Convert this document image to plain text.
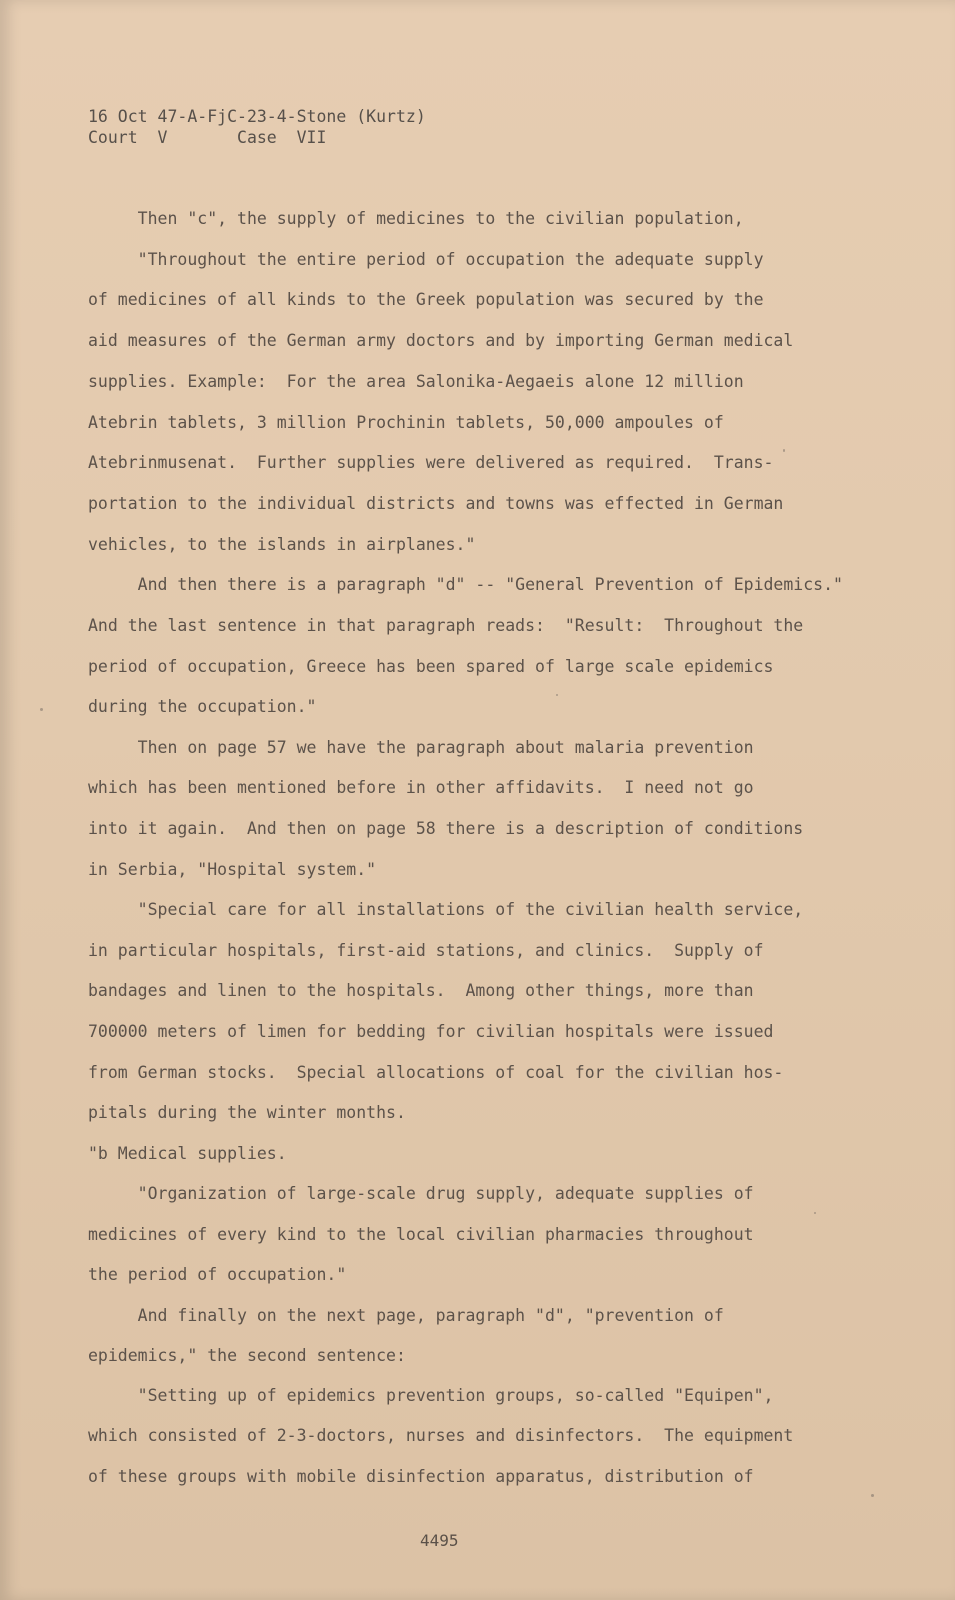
16 Oct 47-A-FjC-23-4-Stone (Kurtz)
Court  V       Case  VII
Then "c", the supply of medicines to the civilian population,
"Throughout the entire period of occupation the adequate supply
of medicines of all kinds to the Greek population was secured by the
aid measures of the German army doctors and by importing German medical
supplies. Example:  For the area Salonika-Aegaeis alone 12 million
Atebrin tablets, 3 million Prochinin tablets, 50,000 ampoules of
Atebrinmusenat.  Further supplies were delivered as required.  Trans-
portation to the individual districts and towns was effected in German
vehicles, to the islands in airplanes."
And then there is a paragraph "d" -- "General Prevention of Epidemics."
And the last sentence in that paragraph reads:  "Result:  Throughout the
period of occupation, Greece has been spared of large scale epidemics
during the occupation."
Then on page 57 we have the paragraph about malaria prevention
which has been mentioned before in other affidavits.  I need not go
into it again.  And then on page 58 there is a description of conditions
in Serbia, "Hospital system."
"Special care for all installations of the civilian health service,
in particular hospitals, first-aid stations, and clinics.  Supply of
bandages and linen to the hospitals.  Among other things, more than
700000 meters of limen for bedding for civilian hospitals were issued
from German stocks.  Special allocations of coal for the civilian hos-
pitals during the winter months.
"b Medical supplies.
"Organization of large-scale drug supply, adequate supplies of
medicines of every kind to the local civilian pharmacies throughout
the period of occupation."
And finally on the next page, paragraph "d", "prevention of
epidemics," the second sentence:
"Setting up of epidemics prevention groups, so-called "Equipen",
which consisted of 2-3-doctors, nurses and disinfectors.  The equipment
of these groups with mobile disinfection apparatus, distribution of
4495
